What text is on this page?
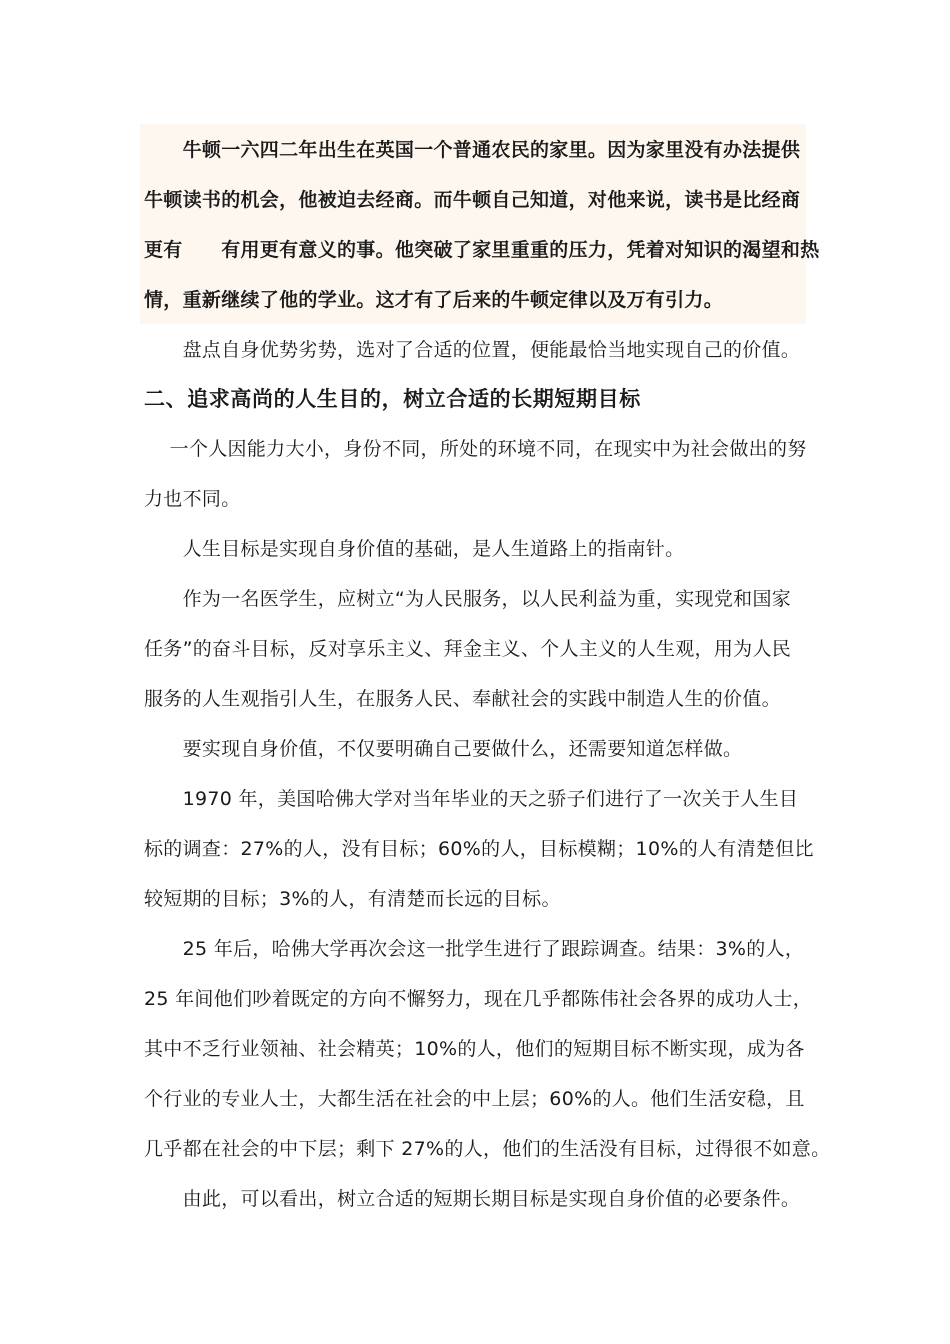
　　牛顿一六四二年出生在英国一个普通农民的家里。因为家里没有办法提供
牛顿读书的机会，他被迫去经商。而牛顿自己知道，对他来说，读书是比经商
更有　　有用更有意义的事。他突破了家里重重的压力，凭着对知识的渴望和热
情，重新继续了他的学业。这才有了后来的牛顿定律以及万有引力。
　　盘点自身优势劣势，选对了合适的位置，便能最恰当地实现自己的价值。
二、追求高尚的人生目的，树立合适的长期短期目标
　 一个人因能力大小，身份不同，所处的环境不同，在现实中为社会做出的努
力也不同。
　　人生目标是实现自身价值的基础，是人生道路上的指南针。
　　作为一名医学生，应树立“为人民服务，以人民利益为重，实现党和国家
任务”的奋斗目标，反对享乐主义、拜金主义、个人主义的人生观，用为人民
服务的人生观指引人生，在服务人民、奉献社会的实践中制造人生的价值。
　　要实现自身价值，不仅要明确自己要做什么，还需要知道怎样做。
　　1970 年，美国哈佛大学对当年毕业的天之骄子们进行了一次关于人生目
标的调查：27%的人，没有目标；60%的人，目标模糊；10%的人有清楚但比
较短期的目标；3%的人，有清楚而长远的目标。
　　25 年后，哈佛大学再次会这一批学生进行了跟踪调查。结果：3%的人，
25 年间他们吵着既定的方向不懈努力，现在几乎都陈伟社会各界的成功人士，
其中不乏行业领袖、社会精英；10%的人，他们的短期目标不断实现，成为各
个行业的专业人士，大都生活在社会的中上层；60%的人。他们生活安稳，且
几乎都在社会的中下层；剩下 27%的人，他们的生活没有目标，过得很不如意。
　　由此，可以看出，树立合适的短期长期目标是实现自身价值的必要条件。
